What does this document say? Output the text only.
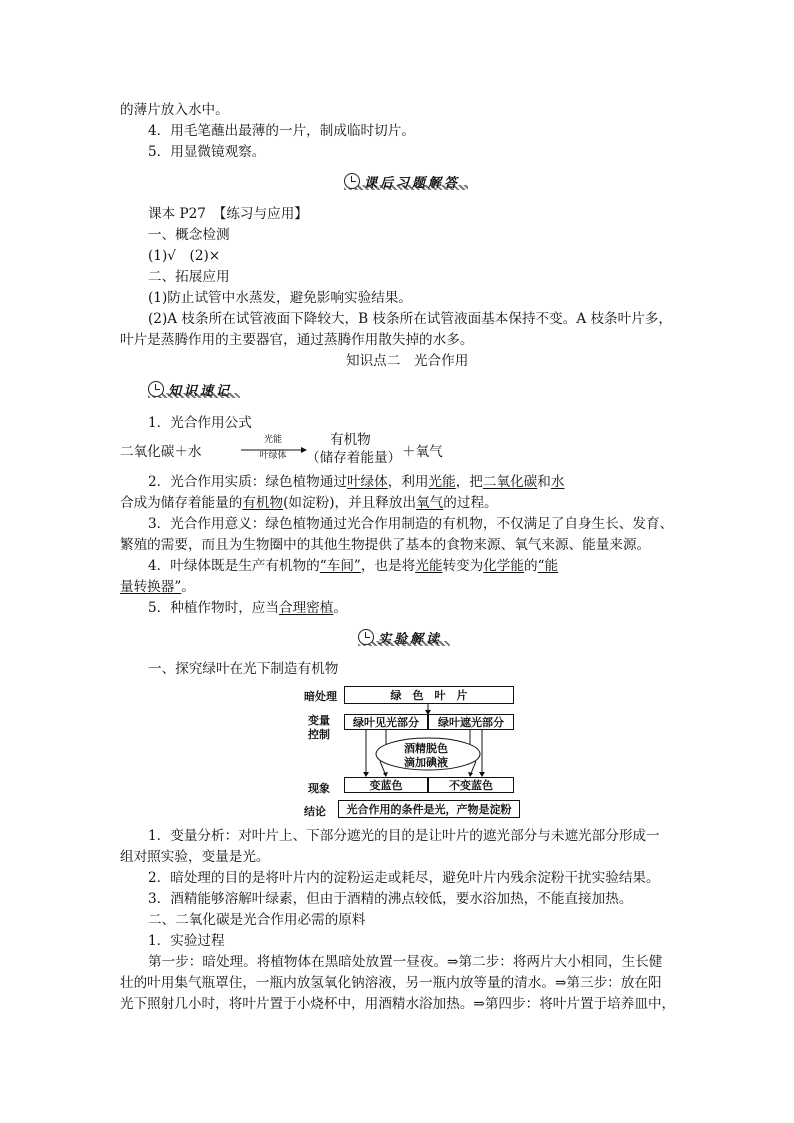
的薄片放入水中。
4．用毛笔蘸出最薄的一片，制成临时切片。
5．用显微镜观察。
课后习题解答
课本 P27　【练习与应用】
一、概念检测
(1)√　(2)×
二、拓展应用
(1)防止试管中水蒸发，避免影响实验结果。
(2)A 枝条所在试管液面下降较大，B 枝条所在试管液面基本保持不变。A 枝条叶片多，
叶片是蒸腾作用的主要器官，通过蒸腾作用散失掉的水多。
知识点二　光合作用
知识速记
1．光合作用公式
二氧化碳＋水
光能
叶绿体
有机物
（储存着能量） ＋氧气
2．光合作用实质：绿色植物通过叶绿体，利用光能，把二氧化碳和水
合成为储存着能量的有机物(如淀粉)，并且释放出氧气的过程。
3．光合作用意义：绿色植物通过光合作用制造的有机物，不仅满足了自身生长、发育、
繁殖的需要，而且为生物圈中的其他生物提供了基本的食物来源、氧气来源、能量来源。
4．叶绿体既是生产有机物的“车间”，也是将光能转变为化学能的“能
量转换器”。
5．种植作物时，应当合理密植。
实验解读
一、探究绿叶在光下制造有机物
暗处理	绿　色　叶　片
变量
控制
绿叶见光部分	绿叶遮光部分
酒精脱色
滴加碘液
现象	变蓝色	不变蓝色
结论	光合作用的条件是光，产物是淀粉
1．变量分析：对叶片上、下部分遮光的目的是让叶片的遮光部分与未遮光部分形成一
组对照实验，变量是光。
2．暗处理的目的是将叶片内的淀粉运走或耗尽，避免叶片内残余淀粉干扰实验结果。
3．酒精能够溶解叶绿素，但由于酒精的沸点较低，要水浴加热，不能直接加热。
二、二氧化碳是光合作用必需的原料
1．实验过程
第一步：暗处理。将植物体在黑暗处放置一昼夜。⇒第二步：将两片大小相同，生长健
壮的叶用集气瓶罩住，一瓶内放氢氧化钠溶液，另一瓶内放等量的清水。⇒第三步：放在阳
光下照射几小时，将叶片置于小烧杯中，用酒精水浴加热。⇒第四步：将叶片置于培养皿中，
